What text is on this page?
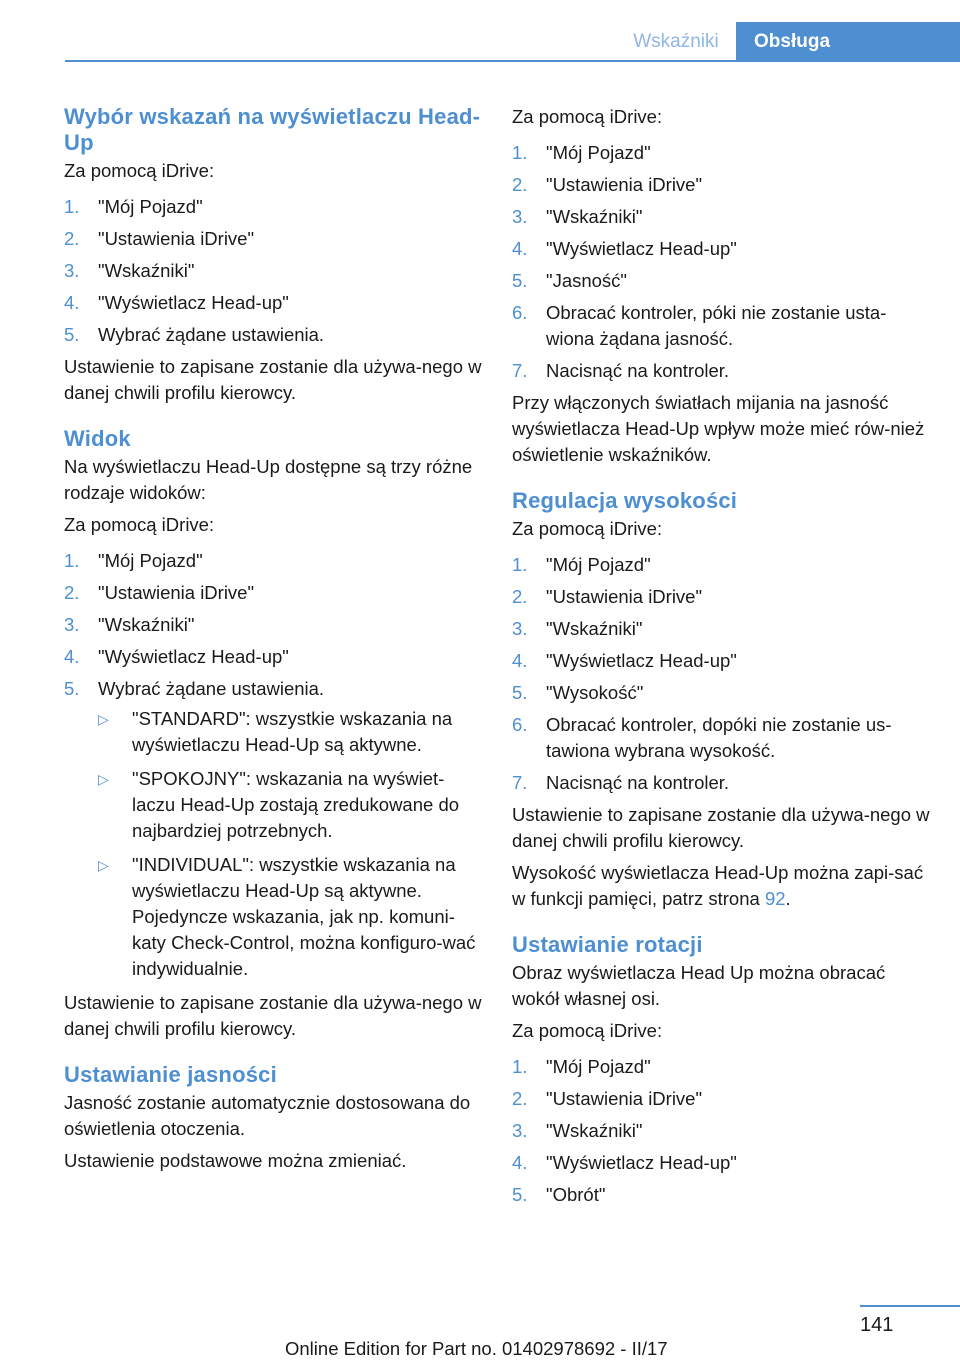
Wskaźniki	Obsługa
Wybór wskazań na wyświetlaczu Head-Up

Za pomocą iDrive:

1. "Mój Pojazd"
2. "Ustawienia iDrive"
3. "Wskaźniki"
4. "Wyświetlacz Head-up"
5. Wybrać żądane ustawienia.

Ustawienie to zapisane zostanie dla używa-nego w danej chwili profilu kierowcy.

Widok

Na wyświetlaczu Head-Up dostępne są trzy różne rodzaje widoków:

Za pomocą iDrive:

1. "Mój Pojazd"
2. "Ustawienia iDrive"
3. "Wskaźniki"
4. "Wyświetlacz Head-up"
5. Wybrać żądane ustawienia.
▷ "STANDARD": wszystkie wskazania na wyświetlaczu Head-Up są aktywne.
▷ "SPOKOJNY": wskazania na wyświet-laczu Head-Up zostają zredukowane do najbardziej potrzebnych.
▷ "INDIVIDUAL": wszystkie wskazania na wyświetlaczu Head-Up są aktywne. Pojedyncze wskazania, jak np. komuni-katy Check-Control, można konfiguro-wać indywidualnie.

Ustawienie to zapisane zostanie dla używa-nego w danej chwili profilu kierowcy.

Ustawianie jasności

Jasność zostanie automatycznie dostosowana do oświetlenia otoczenia.

Ustawienie podstawowe można zmieniać.

Za pomocą iDrive:

1. "Mój Pojazd"
2. "Ustawienia iDrive"
3. "Wskaźniki"
4. "Wyświetlacz Head-up"
5. "Jasność"
6. Obracać kontroler, póki nie zostanie usta-wiona żądana jasność.
7. Nacisnąć na kontroler.

Przy włączonych światłach mijania na jasność wyświetlacza Head-Up wpływ może mieć rów-nież oświetlenie wskaźników.

Regulacja wysokości

Za pomocą iDrive:

1. "Mój Pojazd"
2. "Ustawienia iDrive"
3. "Wskaźniki"
4. "Wyświetlacz Head-up"
5. "Wysokość"
6. Obracać kontroler, dopóki nie zostanie us-tawiona wybrana wysokość.
7. Nacisnąć na kontroler.

Ustawienie to zapisane zostanie dla używa-nego w danej chwili profilu kierowcy.

Wysokość wyświetlacza Head-Up można zapi-sać w funkcji pamięci, patrz strona 92.

Ustawianie rotacji

Obraz wyświetlacza Head Up można obracać wokół własnej osi.

Za pomocą iDrive:

1. "Mój Pojazd"
2. "Ustawienia iDrive"
3. "Wskaźniki"
4. "Wyświetlacz Head-up"
5. "Obrót"
141
Online Edition for Part no. 01402978692 - II/17
